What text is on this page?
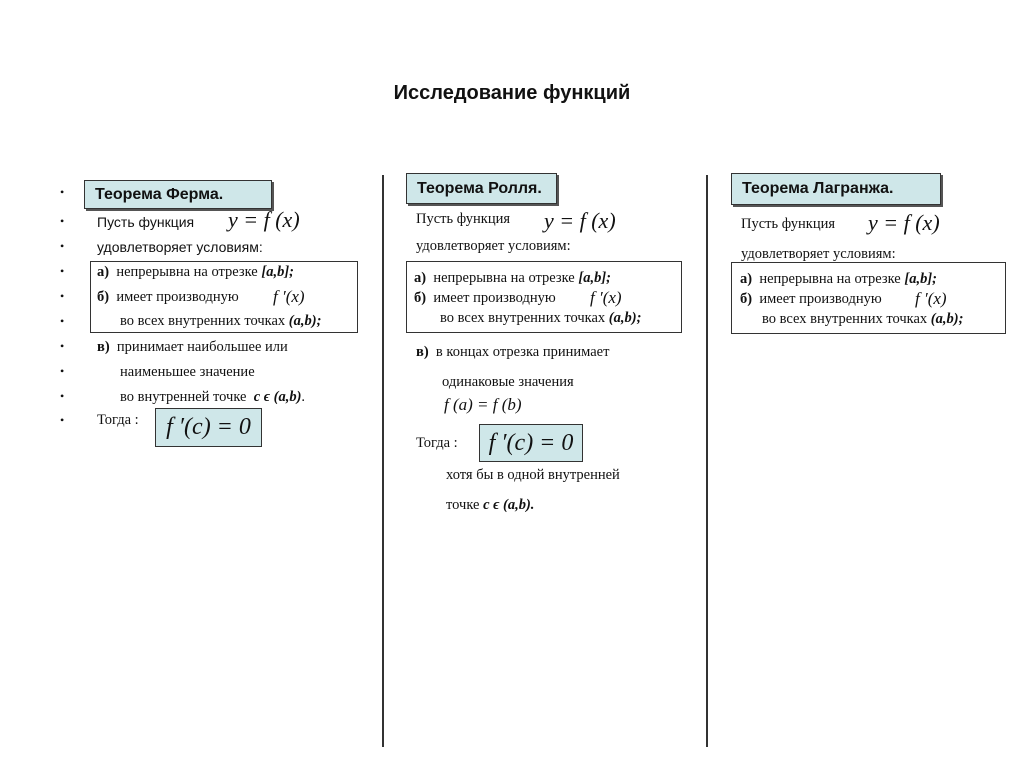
Исследование функций
•
•
•
•
•
•
•
•
•
•
Теорема Ферма.
Пусть функция y = f (x)
удовлетворяет условиям:
а) непрерывна на отрезке [a,b];
б) имеет производную f ′(x)
во всех внутренних точках (a,b);
в) принимает наибольшее или
наименьшее значение
во внутренней точке c ϵ (a,b).
Тогда : f ′(c) = 0
Теорема Ролля.
Пусть функция y = f (x)
удовлетворяет условиям:
а) непрерывна на отрезке [a,b];
б) имеет производную f ′(x)
во всех внутренних точках (a,b);
в) в концах отрезка принимает
одинаковые значения
f (a) = f (b)
Тогда : f ′(c) = 0
хотя бы в одной внутренней
точке c ϵ (a,b).
Теорема Лагранжа.
Пусть функция y = f (x)
удовлетворяет условиям:
а) непрерывна на отрезке [a,b];
б) имеет производную f ′(x)
во всех внутренних точках (a,b);
